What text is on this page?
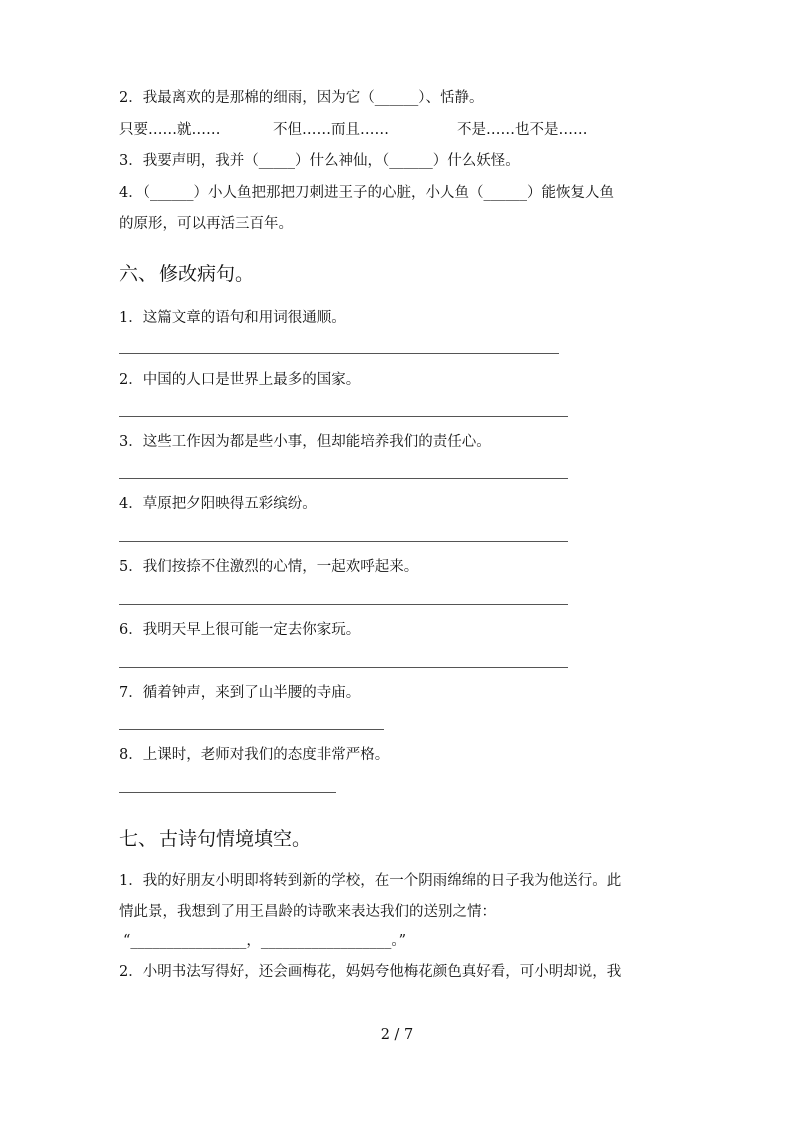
2．我最离欢的是那棉的细雨，因为它（______）、恬静。
只要……就……	不但……而且……	不是……也不是……
3．我要声明，我并（_____）什么神仙，（______）什么妖怪。
4．（______）小人鱼把那把刀刺进王子的心脏，小人鱼（______）能恢复人鱼
的原形，可以再活三百年。
六、 修改病句。
1．这篇文章的语句和用词很通顺。
2．中国的人口是世界上最多的国家。
3．这些工作因为都是些小事，但却能培养我们的责任心。
4．草原把夕阳映得五彩缤纷。
5．我们按捺不住激烈的心情，一起欢呼起来。
6．我明天早上很可能一定去你家玩。
7．循着钟声，来到了山半腰的寺庙。
8．上课时，老师对我们的态度非常严格。
七、 古诗句情境填空。
1．我的好朋友小明即将转到新的学校，在一个阴雨绵绵的日子我为他送行。此
情此景，我想到了用王昌龄的诗歌来表达我们的送别之情：
“________________，__________________。”
2．小明书法写得好，还会画梅花，妈妈夸他梅花颜色真好看，可小明却说，我
2 / 7
